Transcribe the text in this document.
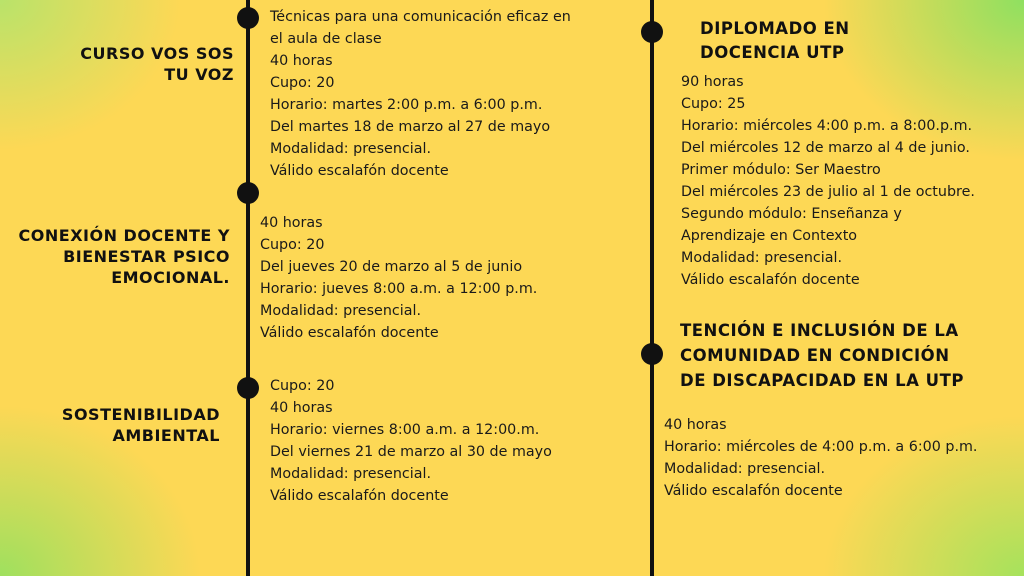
CURSO VOS SOS
TU VOZ
Técnicas para una comunicación eficaz en
el aula de clase
40 horas
Cupo: 20
Horario: martes 2:00 p.m. a 6:00 p.m.
Del martes 18 de marzo al 27 de mayo
Modalidad: presencial.
Válido escalafón docente
CONEXIÓN DOCENTE Y
BIENESTAR PSICO
EMOCIONAL.
40 horas
Cupo: 20
Del jueves 20 de marzo al 5 de junio
Horario: jueves 8:00 a.m. a 12:00 p.m.
Modalidad: presencial.
Válido escalafón docente
SOSTENIBILIDAD
AMBIENTAL
Cupo: 20
40 horas
Horario: viernes 8:00 a.m. a 12:00.m.
Del viernes 21 de marzo al 30 de mayo
Modalidad: presencial.
Válido escalafón docente
DIPLOMADO EN
DOCENCIA UTP
90 horas
Cupo: 25
Horario: miércoles 4:00 p.m. a 8:00.p.m.
Del miércoles 12 de marzo al 4 de junio.
Primer módulo: Ser Maestro
Del miércoles 23 de julio al 1 de octubre.
Segundo módulo: Enseñanza y
Aprendizaje en Contexto
Modalidad: presencial.
Válido escalafón docente
TENCIÓN E INCLUSIÓN DE LA
COMUNIDAD EN CONDICIÓN
DE DISCAPACIDAD EN LA UTP
40 horas
Horario: miércoles de 4:00 p.m. a 6:00 p.m.
Modalidad: presencial.
Válido escalafón docente
